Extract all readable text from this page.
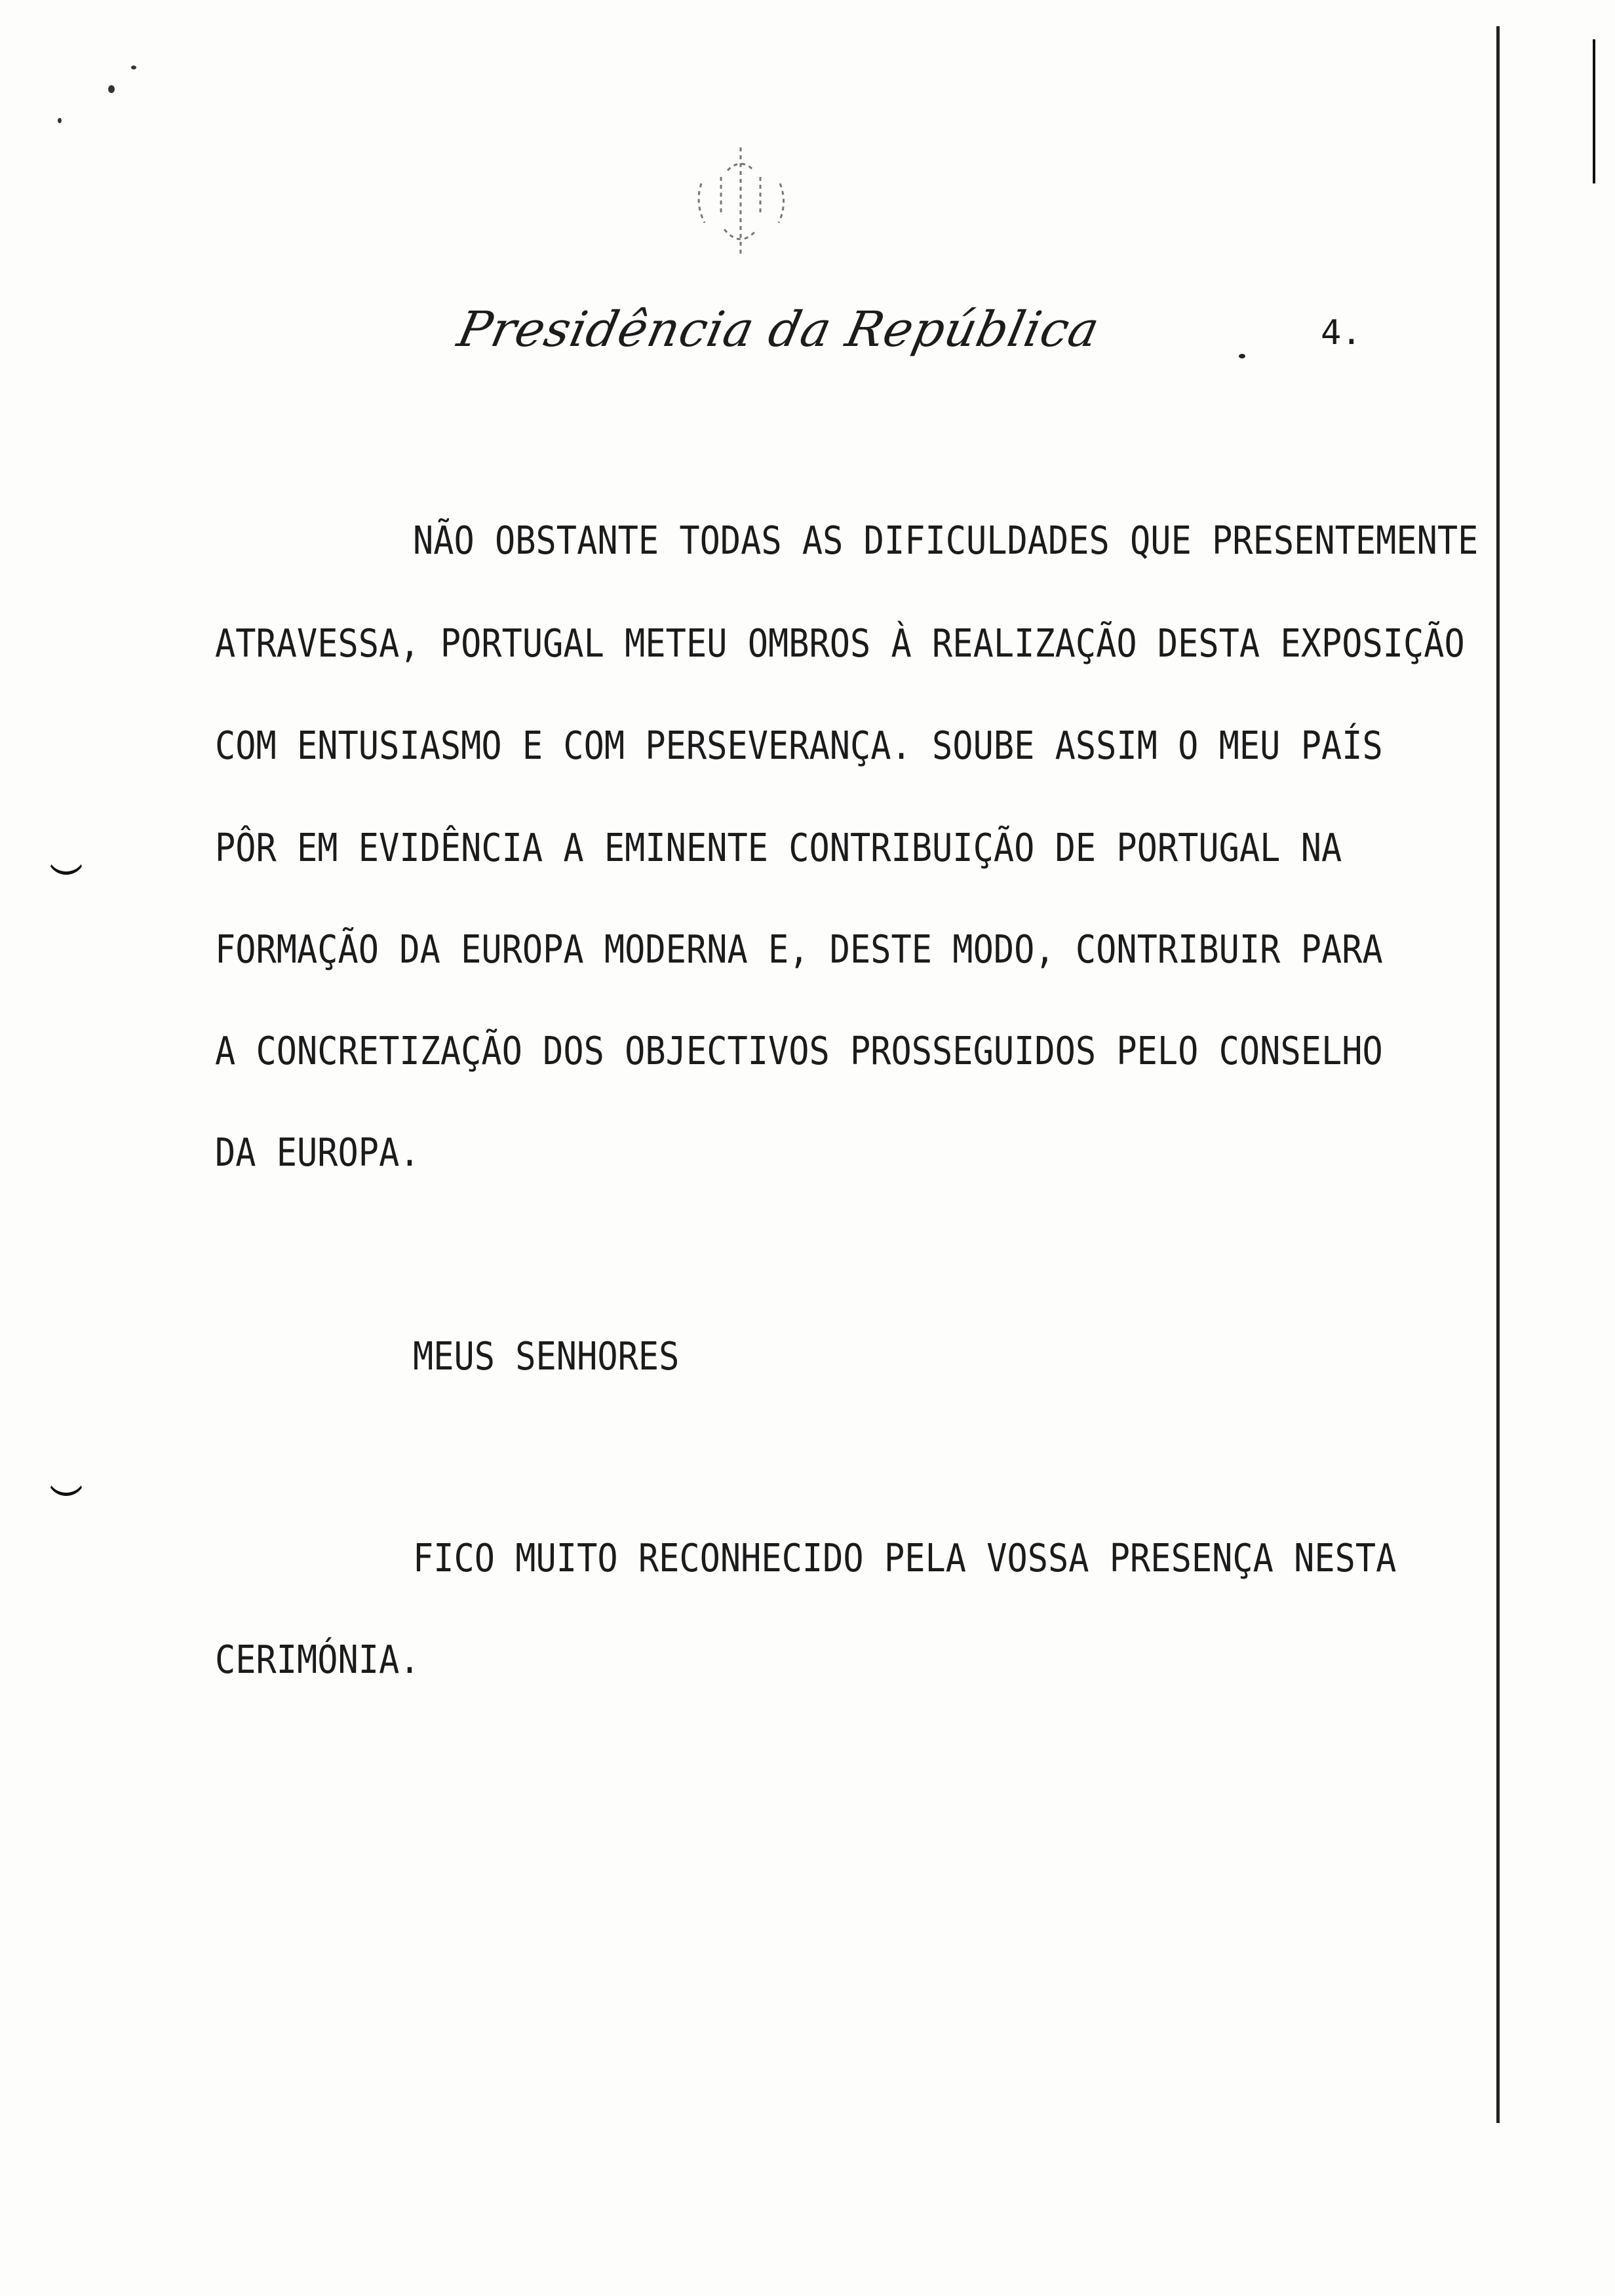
Presidência da República	4.
NÃO OBSTANTE TODAS AS DIFICULDADES QUE PRESENTEMENTE
ATRAVESSA, PORTUGAL METEU OMBROS À REALIZAÇÃO DESTA EXPOSIÇÃO
COM ENTUSIASMO E COM PERSEVERANÇA. SOUBE ASSIM O MEU PAÍS
PÔR EM EVIDÊNCIA A EMINENTE CONTRIBUIÇÃO DE PORTUGAL NA
FORMAÇÃO DA EUROPA MODERNA E, DESTE MODO, CONTRIBUIR PARA
A CONCRETIZAÇÃO DOS OBJECTIVOS PROSSEGUIDOS PELO CONSELHO
DA EUROPA.
MEUS SENHORES
FICO MUITO RECONHECIDO PELA VOSSA PRESENÇA NESTA
CERIMÓNIA.
